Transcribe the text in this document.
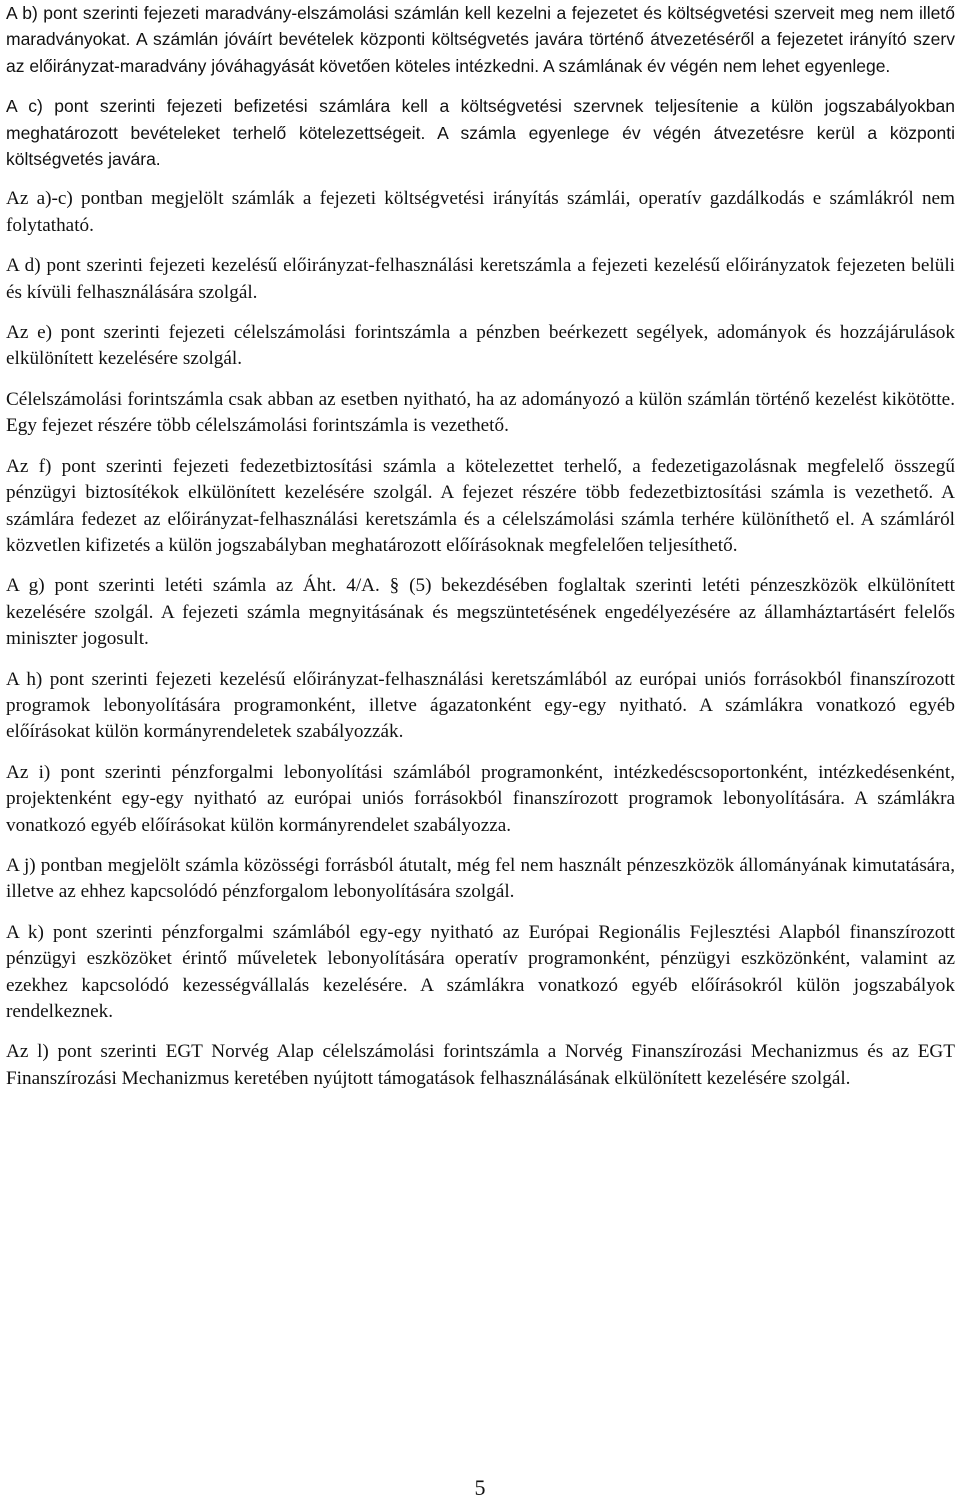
A b) pont szerinti fejezeti maradvány-elszámolási számlán kell kezelni a fejezetet és költségvetési szerveit meg nem illető maradványokat. A számlán jóváírt bevételek központi költségvetés javára történő átvezetéséről a fejezetet irányító szerv az előirányzat-maradvány jóváhagyását követően köteles intézkedni. A számlának év végén nem lehet egyenlege.

A c) pont szerinti fejezeti befizetési számlára kell a költségvetési szervnek teljesítenie a külön jogszabályokban meghatározott bevételeket terhelő kötelezettségeit. A számla egyenlege év végén átvezetésre kerül a központi költségvetés javára.

Az a)-c) pontban megjelölt számlák a fejezeti költségvetési irányítás számlái, operatív gazdálkodás e számlákról nem folytatható.

A d) pont szerinti fejezeti kezelésű előirányzat-felhasználási keretszámla a fejezeti kezelésű előirányzatok fejezeten belüli és kívüli felhasználására szolgál.

Az e) pont szerinti fejezeti célelszámolási forintszámla a pénzben beérkezett segélyek, adományok és hozzájárulások elkülönített kezelésére szolgál.

Célelszámolási forintszámla csak abban az esetben nyitható, ha az adományozó a külön számlán történő kezelést kikötötte. Egy fejezet részére több célelszámolási forintszámla is vezethető.

Az f) pont szerinti fejezeti fedezetbiztosítási számla a kötelezettet terhelő, a fedezetigazolásnak megfelelő összegű pénzügyi biztosítékok elkülönített kezelésére szolgál. A fejezet részére több fedezetbiztosítási számla is vezethető. A számlára fedezet az előirányzat-felhasználási keretszámla és a célelszámolási számla terhére különíthető el. A számláról közvetlen kifizetés a külön jogszabályban meghatározott előírásoknak megfelelően teljesíthető.

A g) pont szerinti letéti számla az Áht. 4/A. § (5) bekezdésében foglaltak szerinti letéti pénzeszközök elkülönített kezelésére szolgál. A fejezeti számla megnyitásának és megszüntetésének engedélyezésére az államháztartásért felelős miniszter jogosult.

A h) pont szerinti fejezeti kezelésű előirányzat-felhasználási keretszámlából az európai uniós forrásokból finanszírozott programok lebonyolítására programonként, illetve ágazatonként egy-egy nyitható. A számlákra vonatkozó egyéb előírásokat külön kormányrendeletek szabályozzák.

Az i) pont szerinti pénzforgalmi lebonyolítási számlából programonként, intézkedéscsoportonként, intézkedésenként, projektenként egy-egy nyitható az európai uniós forrásokból finanszírozott programok lebonyolítására. A számlákra vonatkozó egyéb előírásokat külön kormányrendelet szabályozza.

A j) pontban megjelölt számla közösségi forrásból átutalt, még fel nem használt pénzeszközök állományának kimutatására, illetve az ehhez kapcsolódó pénzforgalom lebonyolítására szolgál.

A k) pont szerinti pénzforgalmi számlából egy-egy nyitható az Európai Regionális Fejlesztési Alapból finanszírozott pénzügyi eszközöket érintő műveletek lebonyolítására operatív programonként, pénzügyi eszközönként, valamint az ezekhez kapcsolódó kezességvállalás kezelésére. A számlákra vonatkozó egyéb előírásokról külön jogszabályok rendelkeznek.

Az l) pont szerinti EGT Norvég Alap célelszámolási forintszámla a Norvég Finanszírozási Mechanizmus és az EGT Finanszírozási Mechanizmus keretében nyújtott támogatások felhasználásának elkülönített kezelésére szolgál.

5
